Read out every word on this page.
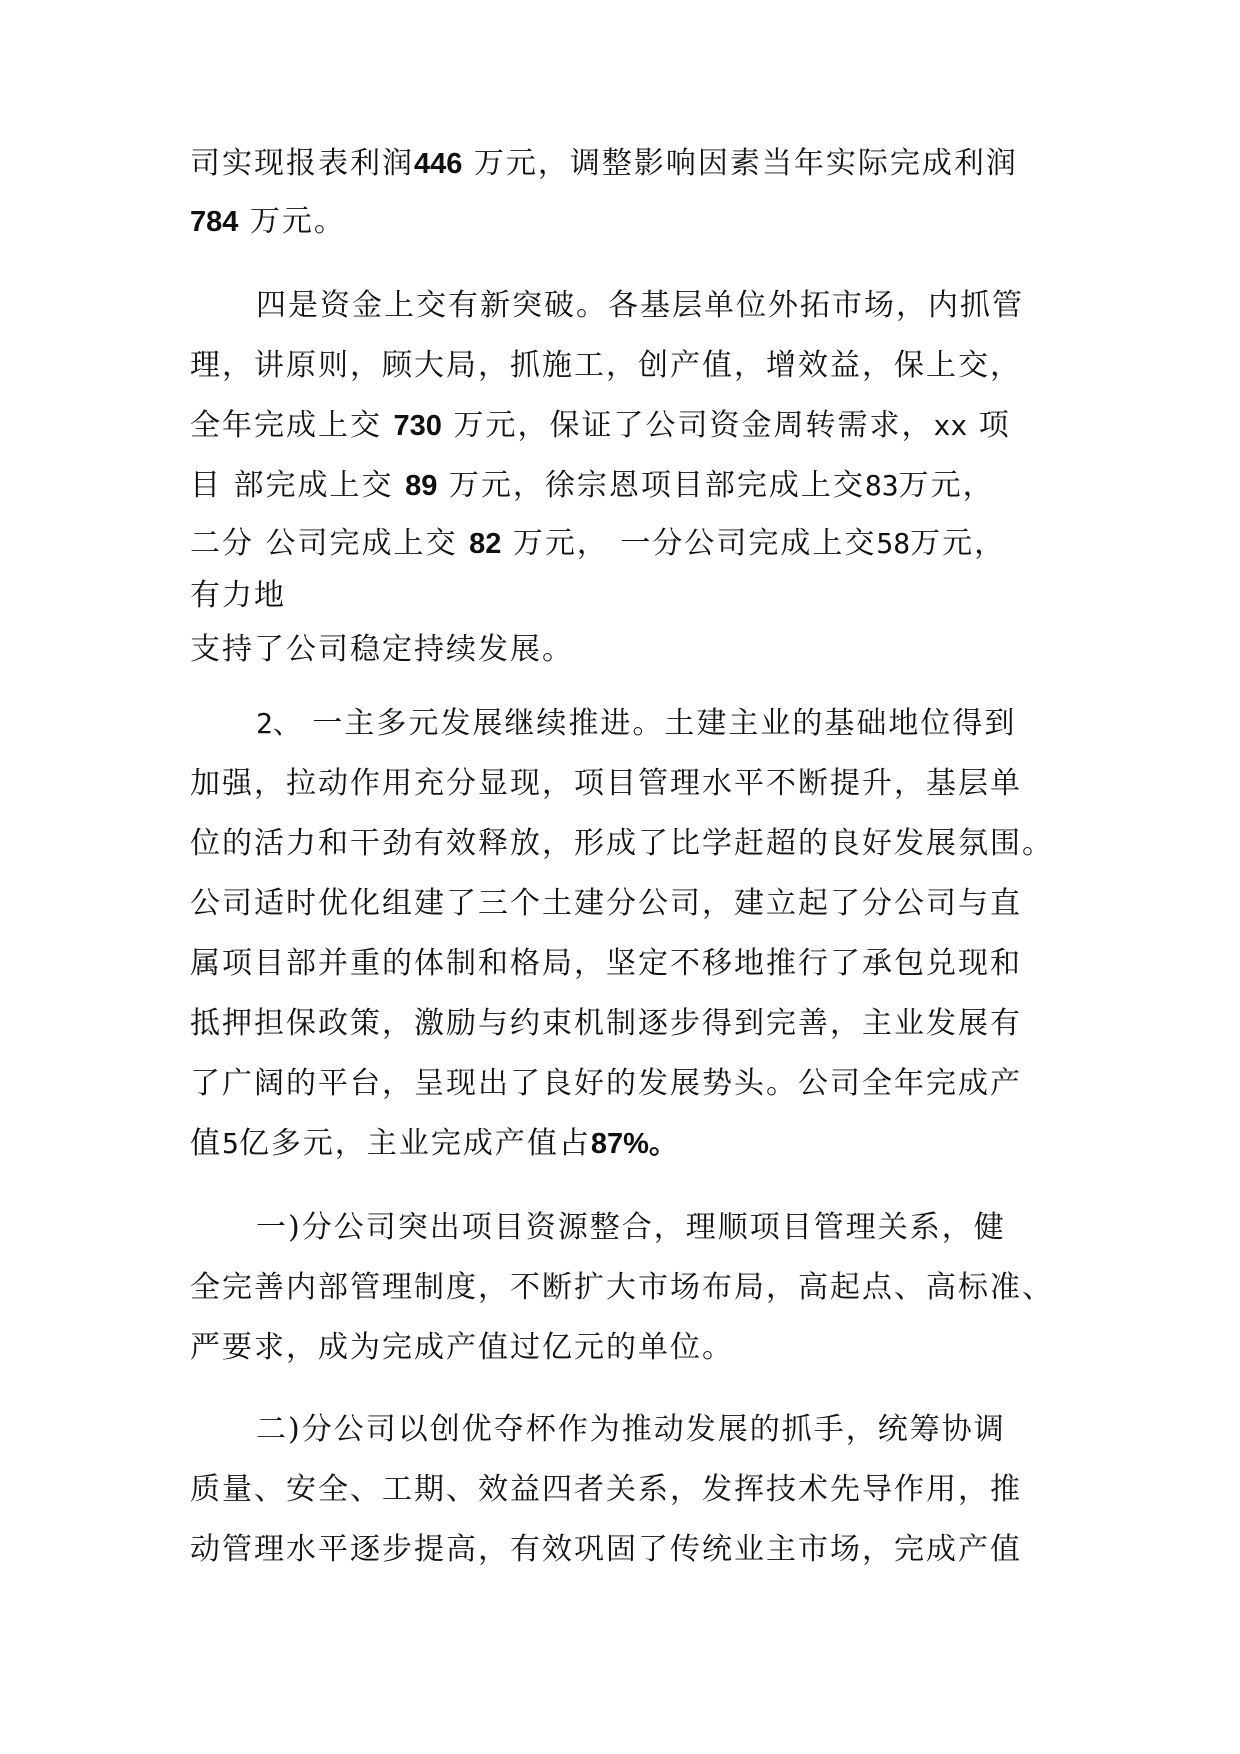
司实现报表利润446 万元，调整影响因素当年实际完成利润
784 万元。
四是资金上交有新突破。各基层单位外拓市场，内抓管
理，讲原则，顾大局，抓施工，创产值，增效益，保上交，
全年完成上交 730 万元，保证了公司资金周转需求，xx 项
目 部完成上交 89 万元，徐宗恩项目部完成上交83万元，
二分 公司完成上交 82 万元， 一分公司完成上交58万元，
有力地
支持了公司稳定持续发展。
2、 一主多元发展继续推进。土建主业的基础地位得到
加强，拉动作用充分显现，项目管理水平不断提升，基层单
位的活力和干劲有效释放，形成了比学赶超的良好发展氛围。
公司适时优化组建了三个土建分公司，建立起了分公司与直
属项目部并重的体制和格局，坚定不移地推行了承包兑现和
抵押担保政策，激励与约束机制逐步得到完善，主业发展有
了广阔的平台，呈现出了良好的发展势头。公司全年完成产
值5亿多元，主业完成产值占87%。
一)分公司突出项目资源整合，理顺项目管理关系，健
全完善内部管理制度，不断扩大市场布局，高起点、高标准、
严要求，成为完成产值过亿元的单位。
二)分公司以创优夺杯作为推动发展的抓手，统筹协调
质量、安全、工期、效益四者关系，发挥技术先导作用，推
动管理水平逐步提高，有效巩固了传统业主市场，完成产值
